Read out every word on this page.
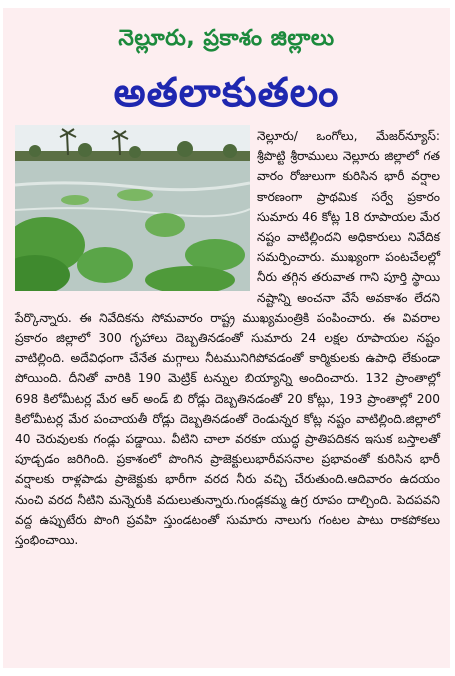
నెల్లూరు, ప్రకాశం జిల్లాలు
అతలాకుతలం
నెల్లూరు/ ఒంగోలు, మేజర్‌న్యూస్: శ్రీపొట్టి శ్రీరాములు నెల్లూరు జిల్లాలో గత వారం రోజులుగా కురిసిన భారీ వర్షాల కారణంగా ప్రాథమిక సర్వే ప్రకారం సుమారు 46 కోట్ల 18 రూపాయల మేర నష్టం వాటిల్లిందని అధికారులు నివేదిక సమర్పించారు. ముఖ్యంగా పంటచేలల్లో నీరు తగ్గిన తరువాత గాని పూర్తి స్థాయి నష్టాన్ని అంచనా వేసే అవకాశం లేదని పేర్కొన్నారు. ఈ నివేదికను సోమవారం రాష్ట్ర ముఖ్యమంత్రికి పంపించారు. ఈ వివరాల ప్రకారం జిల్లాలో 300 గృహాలు దెబ్బతినడంతో సుమారు 24 లక్షల రూపాయల నష్టం వాటిల్లింది. అదేవిధంగా చేనేత మగ్గాలు నీటమునిగిపోవడంతో కార్మికులకు ఉపాధి లేకుండా పోయింది. దీనితో వారికి 190 మెట్రిక్ టన్నుల బియ్యాన్ని అందించారు. 132 ప్రాంతాల్లో 698 కిలోమీటర్ల మేర ఆర్ అండ్ బి రోడ్లు దెబ్బతినడంతో 20 కోట్లు, 193 ప్రాంతాల్లో 200 కిలోమీటర్ల మేర పంచాయతీ రోడ్లు దెబ్బతినడంతో రెండున్నర కోట్ల నష్టం వాటిల్లింది.జిల్లాలో 40 చెరువులకు గండ్లు పడ్డాయి. వీటిని చాలా వరకూ యుద్ధ ప్రాతిపదికన ఇసుక బస్తాలతో పూడ్చడం జరిగింది. ప్రకాశంలో పొంగిన ప్రాజెక్టులుభారీవసనాల ప్రభావంతో కురిసిన భారీ వర్షాలకు రాళ్లపాడు ప్రాజెక్టుకు భారీగా వరద నీరు వచ్చి చేరుతుంది.ఆదివారం ఉదయం నుంచి వరద నీటిని మన్నెరుకి వదులుతున్నారు.గుండ్లకమ్మ ఉగ్ర రూపం దాల్చింది. పెదపవని వద్ద ఉప్పుటేరు పొంగి ప్రవహి స్తుండటంతో సుమారు నాలుగు గంటల పాటు రాకపోకలు స్తంభించాయి.
